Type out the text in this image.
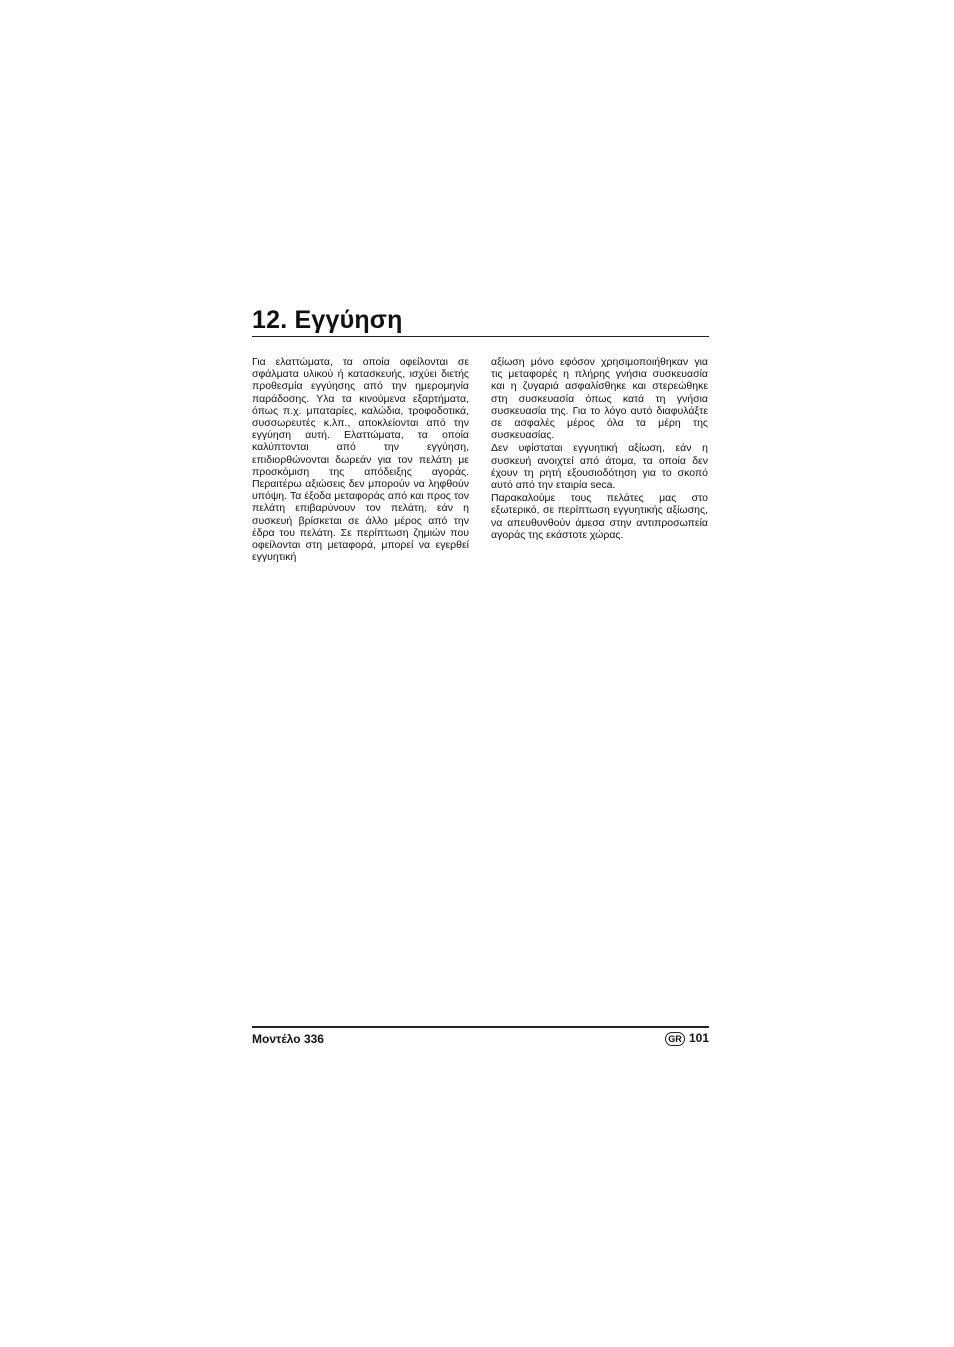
12. Εγγύηση

Για ελαττώματα, τα οποία οφείλονται σε σφάλματα υλικού ή κατασκευής, ισχύει διετής προθεσμία εγγύησης από την ημερομηνία παράδοσης. Υλα τα κινούμενα εξαρτήματα, όπως π.χ. μπαταρίες, καλώδια, τροφοδοτικά, συσσωρευτές κ.λπ., αποκλείονται από την εγγύηση αυτή. Ελαττώματα, τα οποία καλύπτονται από την εγγύηση, επιδιορθώνονται δωρεάν για τον πελάτη με προσκόμιση της απόδειξης αγοράς. Περαιτέρω αξιώσεις δεν μπορούν να ληφθούν υπόψη. Τα έξοδα μεταφοράς από και προς τον πελάτη επιβαρύνουν τον πελάτη, εάν η συσκευή βρίσκεται σε άλλο μέρος από την έδρα του πελάτη. Σε περίπτωση ζημιών που οφείλονται στη μεταφορά, μπορεί να εγερθεί εγγυητική

αξίωση μόνο εφόσον χρησιμοποιήθηκαν για τις μεταφορές η πλήρης γνήσια συσκευασία και η ζυγαριά ασφαλίσθηκε και στερεώθηκε στη συσκευασία όπως κατά τη γνήσια συσκευασία της. Για το λόγο αυτό διαφυλάξτε σε ασφαλές μέρος όλα τα μέρη της συσκευασίας.

Δεν υφίσταται εγγυητική αξίωση, εάν η συσκευή ανοιχτεί από άτομα, τα οποία δεν έχουν τη ρητή εξουσιοδότηση για το σκοπό αυτό από την εταιρία seca.

Παρακαλούμε τους πελάτες μας στο εξωτερικό, σε περίπτωση εγγυητικής αξίωσης, να απευθυνθούν άμεσα στην αντιπροσωπεία αγοράς της εκάστοτε χώρας.

Μοντέλο 336	GR 101
